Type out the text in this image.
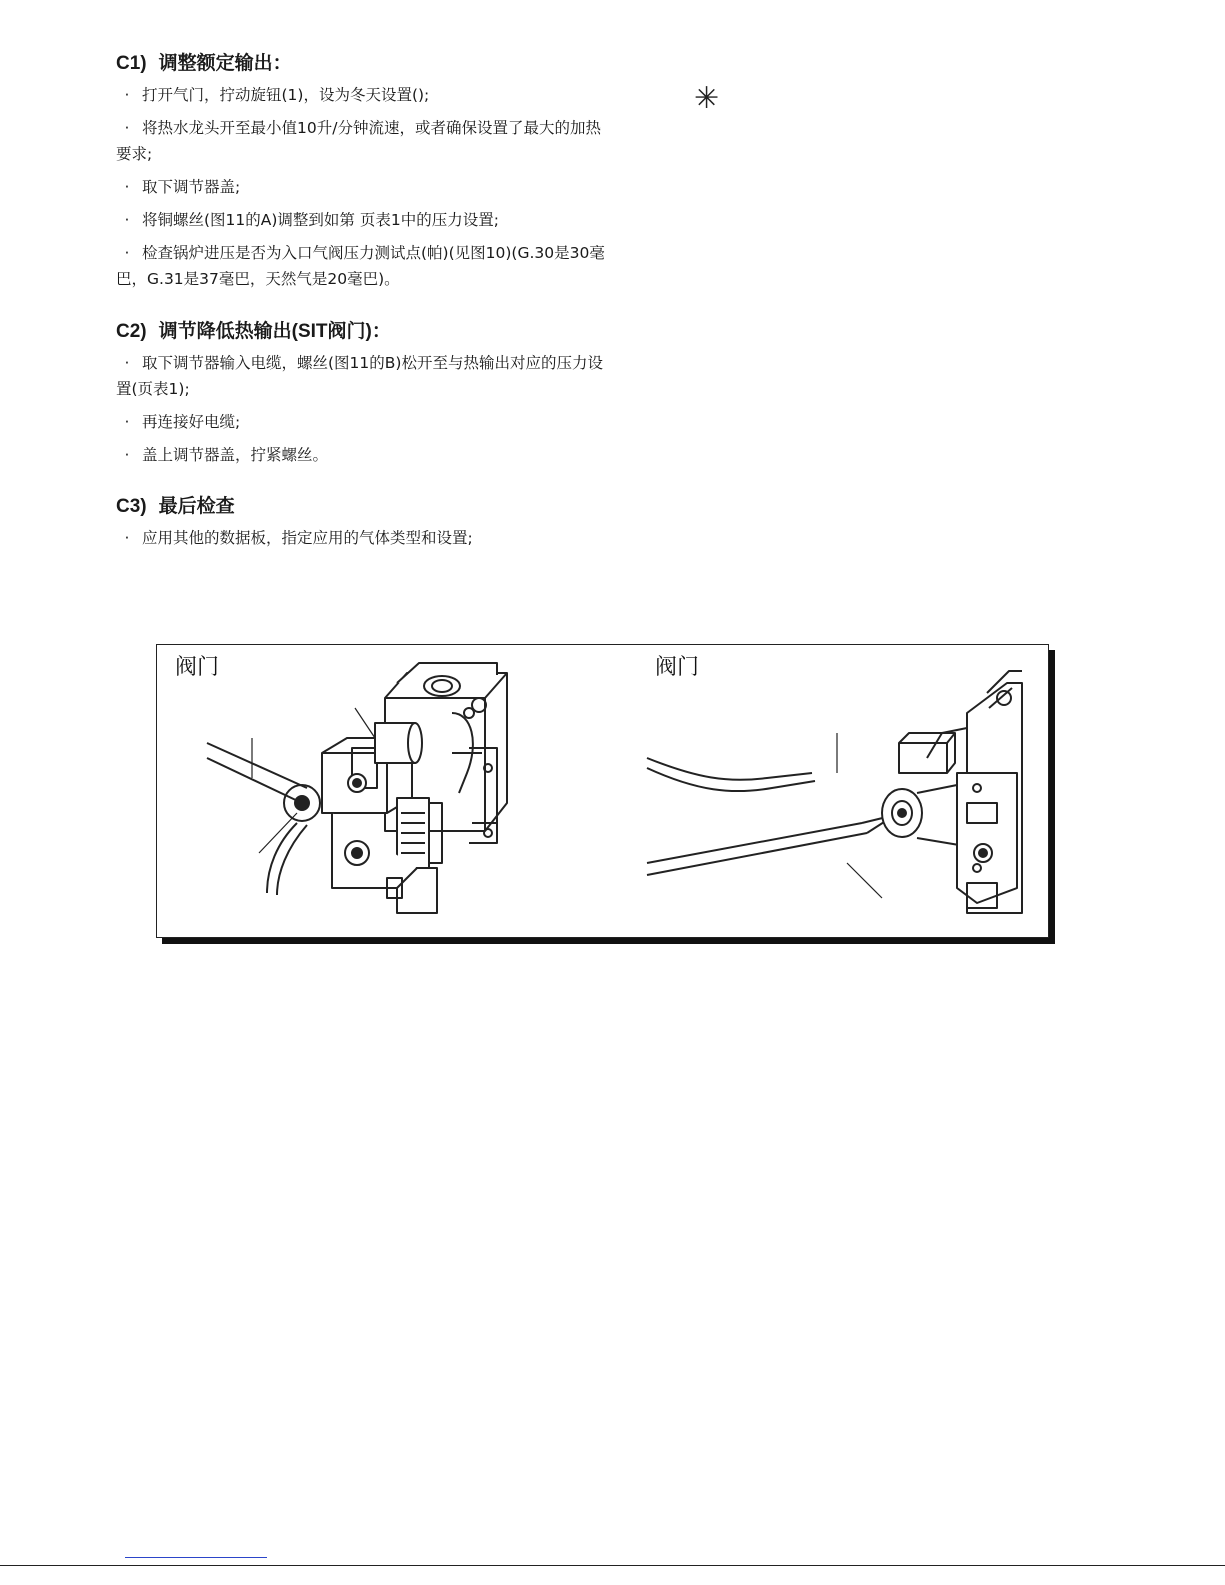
C1) 调整额定输出：

· 打开气门，拧动旋钮(1)，设为冬天设置();

· 将热水龙头开至最小值10升/分钟流速，或者确保设置了最大的加热要求;

· 取下调节器盖;

· 将铜螺丝(图11的A)调整到如第 页表1中的压力设置;

· 检查锅炉进压是否为入口气阀压力测试点(帕)(见图10)(G.30是30毫巴，G.31是37毫巴，天然气是20毫巴)。

C2) 调节降低热输出(SIT阀门)：

· 取下调节器输入电缆，螺丝(图11的B)松开至与热输出对应的压力设置(页表1);

· 再连接好电缆;

· 盖上调节器盖，拧紧螺丝。

C3) 最后检查

· 应用其他的数据板，指定应用的气体类型和设置;

✳
阀门	阀门
